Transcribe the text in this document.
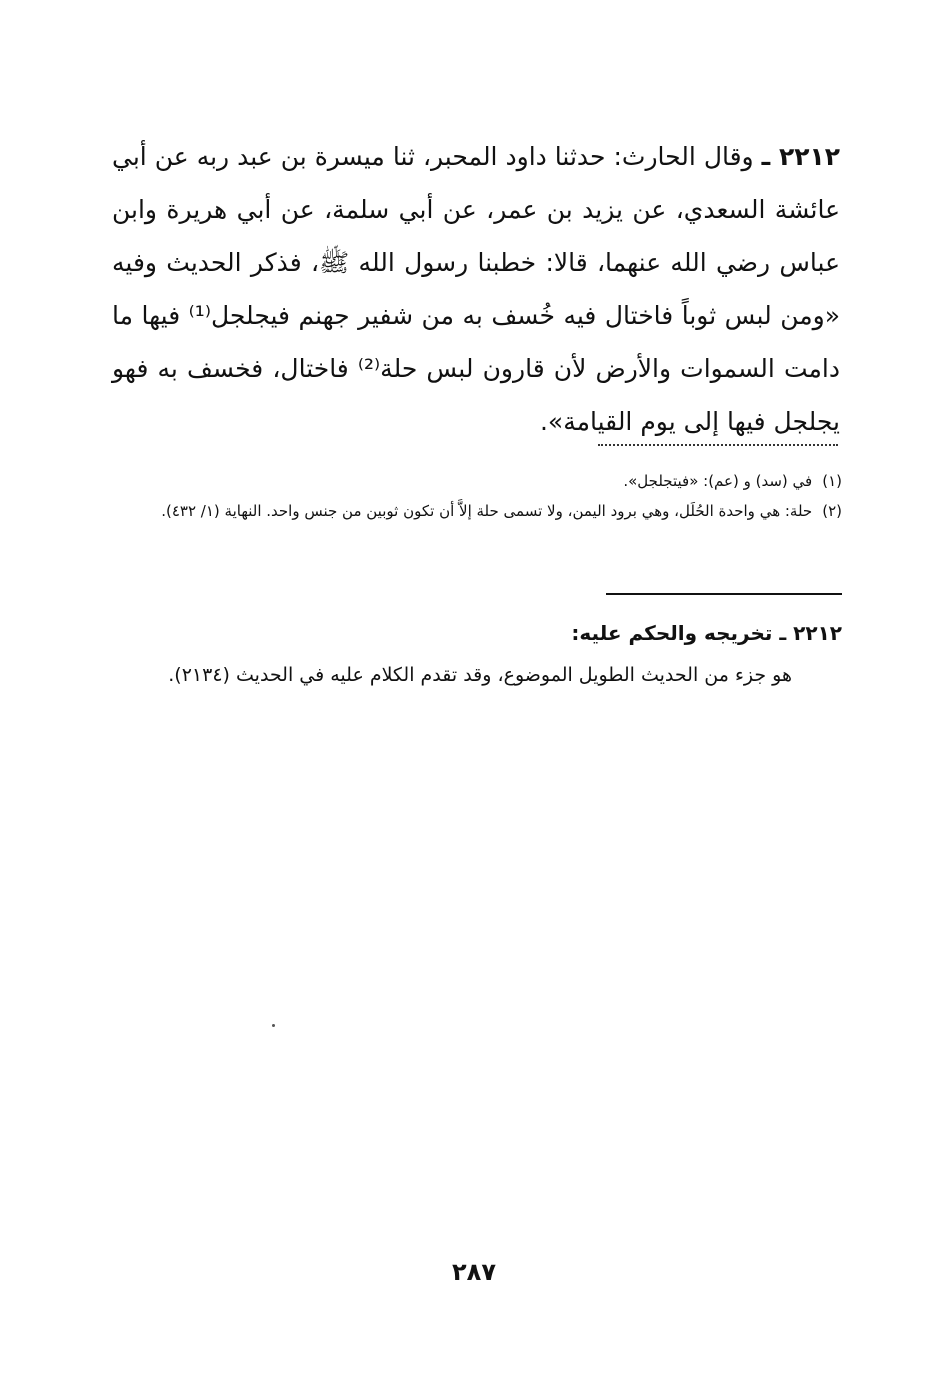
٢٢١٢ ـ وقال الحارث: حدثنا داود المحبر، ثنا ميسرة بن عبد ربه عن أبي عائشة السعدي، عن يزيد بن عمر، عن أبي سلمة، عن أبي هريرة وابن عباس رضي الله عنهما، قالا: خطبنا رسول الله ﷺ، فذكر الحديث وفيه «ومن لبس ثوباً فاختال فيه خُسف به من شفير جهنم فيجلجل⁽¹⁾ فيها ما دامت السموات والأرض لأن قارون لبس حلة⁽²⁾ فاختال، فخسف به فهو يجلجل فيها إلى يوم القيامة».

(١)
في (سد) و (عم): «فيتجلجل».
(٢)
حلة: هي واحدة الحُلَل، وهي برود اليمن، ولا تسمى حلة إلاَّ أن تكون ثوبين من جنس واحد. النهاية (١/ ٤٣٢).

٢٢١٢ ـ تخريجه والحكم عليه:

هو جزء من الحديث الطويل الموضوع، وقد تقدم الكلام عليه في الحديث (٢١٣٤).

٢٨٧
